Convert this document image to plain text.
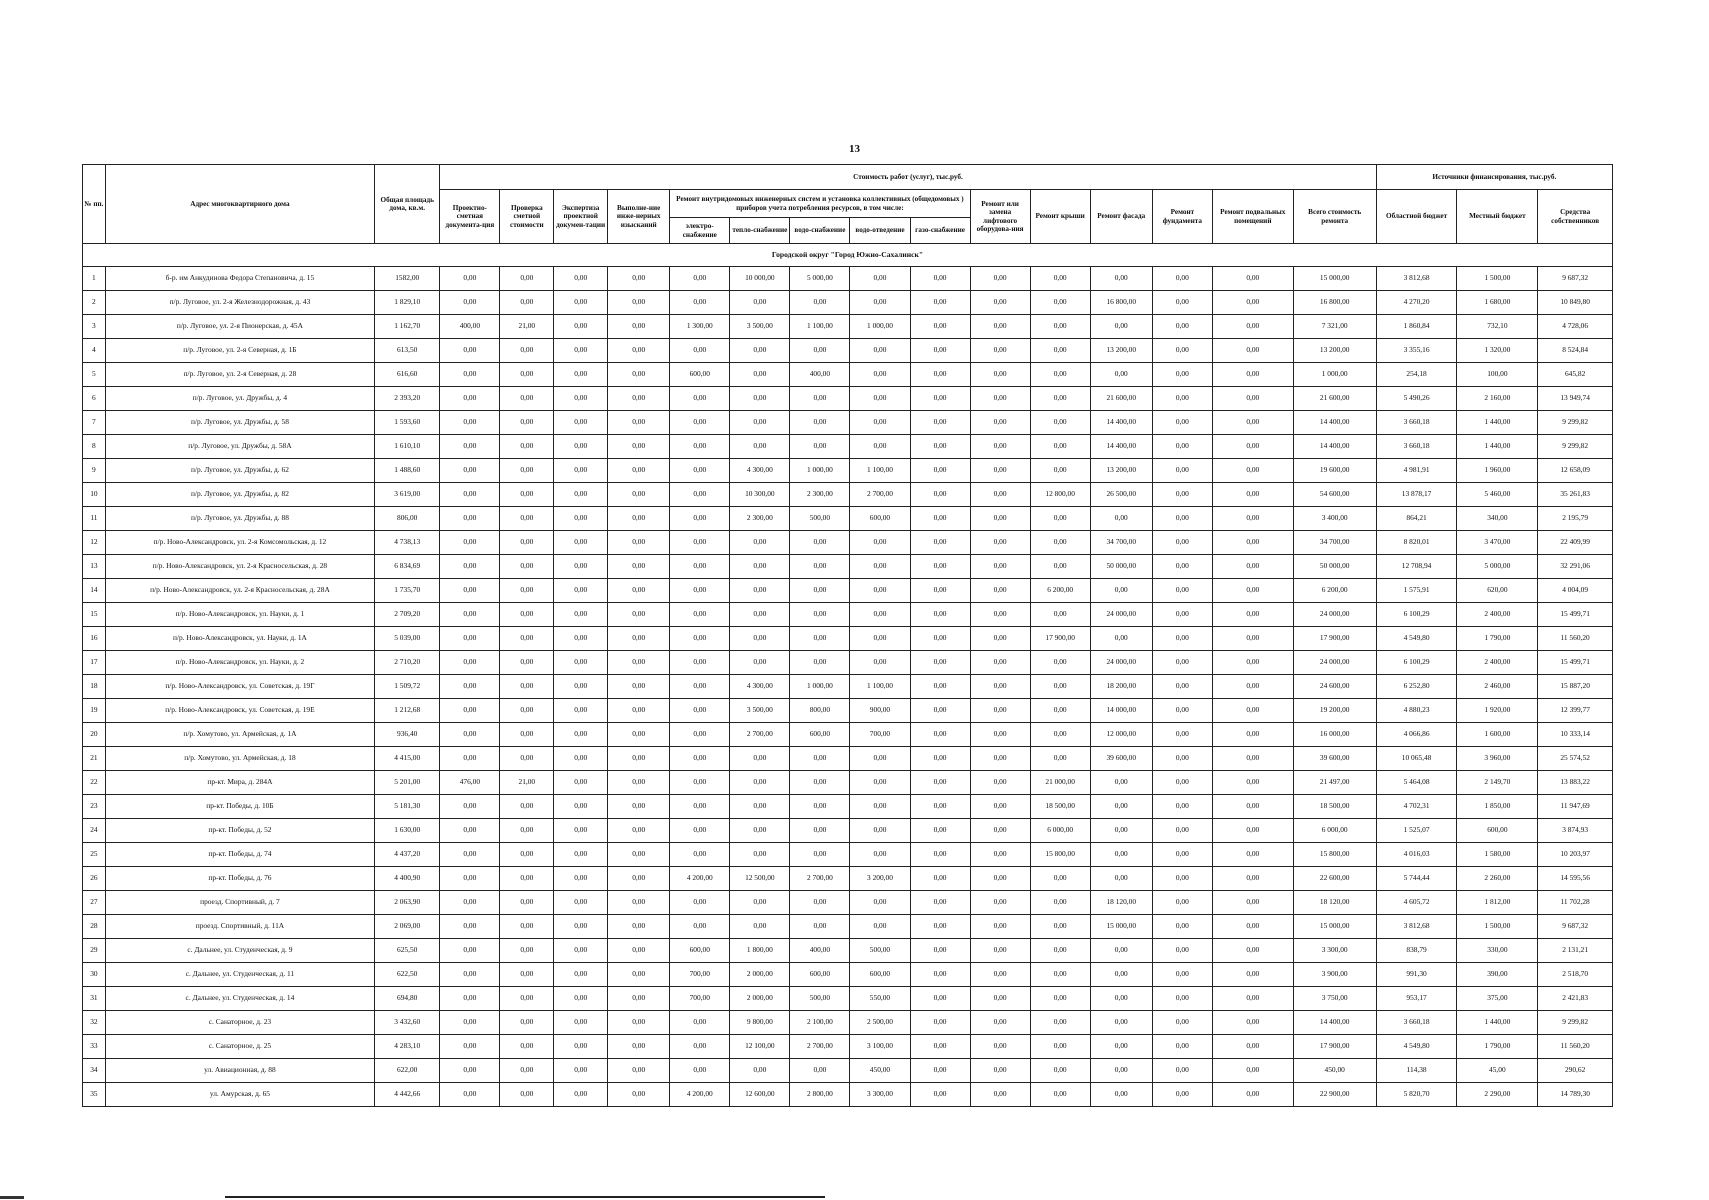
13
№ пп.	Адрес многоквартирного дома	Общая площадь дома, кв.м.	Стоимость работ (услуг), тыс.руб.															Источники финансирования, тыс.руб.		
			Проектно-сметная документа-ция	Проверка сметной стоимости	Экспертиза проектной докумен-тации	Выполне-ние инже-нерных изысканий	Ремонт внутридомовых инженерных систем и установка коллективных (общедомовых ) приборов учета потребления ресурсов, в том числе:					Ремонт или замена лифтового оборудова-ния	Ремонт крыши	Ремонт фасада	Ремонт фундамента	Ремонт подвальных помещений	Всего стоимость ремонта	Областной бюджет	Местный бюджет	Средства собственников
							электро-снабжение	тепло-снабжение	водо-снабжение	водо-отведение	газо-снабжение									
Городской округ "Город Южно-Сахалинск"																				
1	б-р. им Анкудинова Федора Степановича, д. 15	1582,00	0,00	0,00	0,00	0,00	0,00	10 000,00	5 000,00	0,00	0,00	0,00	0,00	0,00	0,00	0,00	15 000,00	3 812,68	1 500,00	9 687,32
2	п/р. Луговое, ул. 2-я Железнодорожная, д. 43	1 829,10	0,00	0,00	0,00	0,00	0,00	0,00	0,00	0,00	0,00	0,00	0,00	16 800,00	0,00	0,00	16 800,00	4 270,20	1 680,00	10 849,80
3	п/р. Луговое, ул. 2-я Пионерская, д. 45А	1 162,70	400,00	21,00	0,00	0,00	1 300,00	3 500,00	1 100,00	1 000,00	0,00	0,00	0,00	0,00	0,00	0,00	7 321,00	1 860,84	732,10	4 728,06
4	п/р. Луговое, ул. 2-я Северная, д. 1Б	613,50	0,00	0,00	0,00	0,00	0,00	0,00	0,00	0,00	0,00	0,00	0,00	13 200,00	0,00	0,00	13 200,00	3 355,16	1 320,00	8 524,84
5	п/р. Луговое, ул. 2-я Северная, д. 28	616,60	0,00	0,00	0,00	0,00	600,00	0,00	400,00	0,00	0,00	0,00	0,00	0,00	0,00	0,00	1 000,00	254,18	100,00	645,82
6	п/р. Луговое, ул. Дружбы, д. 4	2 393,20	0,00	0,00	0,00	0,00	0,00	0,00	0,00	0,00	0,00	0,00	0,00	21 600,00	0,00	0,00	21 600,00	5 490,26	2 160,00	13 949,74
7	п/р. Луговое, ул. Дружбы, д. 58	1 593,60	0,00	0,00	0,00	0,00	0,00	0,00	0,00	0,00	0,00	0,00	0,00	14 400,00	0,00	0,00	14 400,00	3 660,18	1 440,00	9 299,82
8	п/р. Луговое, ул. Дружбы, д. 58А	1 610,10	0,00	0,00	0,00	0,00	0,00	0,00	0,00	0,00	0,00	0,00	0,00	14 400,00	0,00	0,00	14 400,00	3 660,18	1 440,00	9 299,82
9	п/р. Луговое, ул. Дружбы, д. 62	1 488,60	0,00	0,00	0,00	0,00	0,00	4 300,00	1 000,00	1 100,00	0,00	0,00	0,00	13 200,00	0,00	0,00	19 600,00	4 981,91	1 960,00	12 658,09
10	п/р. Луговое, ул. Дружбы, д. 82	3 619,00	0,00	0,00	0,00	0,00	0,00	10 300,00	2 300,00	2 700,00	0,00	0,00	12 800,00	26 500,00	0,00	0,00	54 600,00	13 878,17	5 460,00	35 261,83
11	п/р. Луговое, ул. Дружбы, д. 88	806,00	0,00	0,00	0,00	0,00	0,00	2 300,00	500,00	600,00	0,00	0,00	0,00	0,00	0,00	0,00	3 400,00	864,21	340,00	2 195,79
12	п/р. Ново-Александровск, ул. 2-я Комсомольская, д. 12	4 738,13	0,00	0,00	0,00	0,00	0,00	0,00	0,00	0,00	0,00	0,00	0,00	34 700,00	0,00	0,00	34 700,00	8 820,01	3 470,00	22 409,99
13	п/р. Ново-Александровск, ул. 2-я Красносельская, д. 28	6 834,69	0,00	0,00	0,00	0,00	0,00	0,00	0,00	0,00	0,00	0,00	0,00	50 000,00	0,00	0,00	50 000,00	12 708,94	5 000,00	32 291,06
14	п/р. Ново-Александровск, ул. 2-я Красносельская, д. 28А	1 735,70	0,00	0,00	0,00	0,00	0,00	0,00	0,00	0,00	0,00	0,00	6 200,00	0,00	0,00	0,00	6 200,00	1 575,91	620,00	4 004,09
15	п/р. Ново-Александровск, ул. Науки, д. 1	2 709,20	0,00	0,00	0,00	0,00	0,00	0,00	0,00	0,00	0,00	0,00	0,00	24 000,00	0,00	0,00	24 000,00	6 100,29	2 400,00	15 499,71
16	п/р. Ново-Александровск, ул. Науки, д. 1А	5 039,00	0,00	0,00	0,00	0,00	0,00	0,00	0,00	0,00	0,00	0,00	17 900,00	0,00	0,00	0,00	17 900,00	4 549,80	1 790,00	11 560,20
17	п/р. Ново-Александровск, ул. Науки, д. 2	2 710,20	0,00	0,00	0,00	0,00	0,00	0,00	0,00	0,00	0,00	0,00	0,00	24 000,00	0,00	0,00	24 000,00	6 100,29	2 400,00	15 499,71
18	п/р. Ново-Александровск, ул. Советская, д. 19Г	1 509,72	0,00	0,00	0,00	0,00	0,00	4 300,00	1 000,00	1 100,00	0,00	0,00	0,00	18 200,00	0,00	0,00	24 600,00	6 252,80	2 460,00	15 887,20
19	п/р. Ново-Александровск, ул. Советская, д. 19Е	1 212,68	0,00	0,00	0,00	0,00	0,00	3 500,00	800,00	900,00	0,00	0,00	0,00	14 000,00	0,00	0,00	19 200,00	4 880,23	1 920,00	12 399,77
20	п/р. Хомутово, ул. Армейская, д. 1А	936,40	0,00	0,00	0,00	0,00	0,00	2 700,00	600,00	700,00	0,00	0,00	0,00	12 000,00	0,00	0,00	16 000,00	4 066,86	1 600,00	10 333,14
21	п/р. Хомутово, ул. Армейская, д. 18	4 415,00	0,00	0,00	0,00	0,00	0,00	0,00	0,00	0,00	0,00	0,00	0,00	39 600,00	0,00	0,00	39 600,00	10 065,48	3 960,00	25 574,52
22	пр-кт. Мира, д. 284А	5 201,00	476,00	21,00	0,00	0,00	0,00	0,00	0,00	0,00	0,00	0,00	21 000,00	0,00	0,00	0,00	21 497,00	5 464,08	2 149,70	13 883,22
23	пр-кт. Победы, д. 10Б	5 181,30	0,00	0,00	0,00	0,00	0,00	0,00	0,00	0,00	0,00	0,00	18 500,00	0,00	0,00	0,00	18 500,00	4 702,31	1 850,00	11 947,69
24	пр-кт. Победы, д. 52	1 630,00	0,00	0,00	0,00	0,00	0,00	0,00	0,00	0,00	0,00	0,00	6 000,00	0,00	0,00	0,00	6 000,00	1 525,07	600,00	3 874,93
25	пр-кт. Победы, д. 74	4 437,20	0,00	0,00	0,00	0,00	0,00	0,00	0,00	0,00	0,00	0,00	15 800,00	0,00	0,00	0,00	15 800,00	4 016,03	1 580,00	10 203,97
26	пр-кт. Победы, д. 76	4 400,90	0,00	0,00	0,00	0,00	4 200,00	12 500,00	2 700,00	3 200,00	0,00	0,00	0,00	0,00	0,00	0,00	22 600,00	5 744,44	2 260,00	14 595,56
27	проезд. Спортивный, д. 7	2 063,90	0,00	0,00	0,00	0,00	0,00	0,00	0,00	0,00	0,00	0,00	0,00	18 120,00	0,00	0,00	18 120,00	4 605,72	1 812,00	11 702,28
28	проезд. Спортивный, д. 11А	2 069,00	0,00	0,00	0,00	0,00	0,00	0,00	0,00	0,00	0,00	0,00	0,00	15 000,00	0,00	0,00	15 000,00	3 812,68	1 500,00	9 687,32
29	с. Дальнее, ул. Студенческая, д. 9	625,50	0,00	0,00	0,00	0,00	600,00	1 800,00	400,00	500,00	0,00	0,00	0,00	0,00	0,00	0,00	3 300,00	838,79	330,00	2 131,21
30	с. Дальнее, ул. Студенческая, д. 11	622,50	0,00	0,00	0,00	0,00	700,00	2 000,00	600,00	600,00	0,00	0,00	0,00	0,00	0,00	0,00	3 900,00	991,30	390,00	2 518,70
31	с. Дальнее, ул. Студенческая, д. 14	694,80	0,00	0,00	0,00	0,00	700,00	2 000,00	500,00	550,00	0,00	0,00	0,00	0,00	0,00	0,00	3 750,00	953,17	375,00	2 421,83
32	с. Санаторное, д. 23	3 432,60	0,00	0,00	0,00	0,00	0,00	9 800,00	2 100,00	2 500,00	0,00	0,00	0,00	0,00	0,00	0,00	14 400,00	3 660,18	1 440,00	9 299,82
33	с. Санаторное, д. 25	4 283,10	0,00	0,00	0,00	0,00	0,00	12 100,00	2 700,00	3 100,00	0,00	0,00	0,00	0,00	0,00	0,00	17 900,00	4 549,80	1 790,00	11 560,20
34	ул. Авиационная, д. 88	622,00	0,00	0,00	0,00	0,00	0,00	0,00	0,00	450,00	0,00	0,00	0,00	0,00	0,00	0,00	450,00	114,38	45,00	290,62
35	ул. Амурская, д. 65	4 442,66	0,00	0,00	0,00	0,00	4 200,00	12 600,00	2 800,00	3 300,00	0,00	0,00	0,00	0,00	0,00	0,00	22 900,00	5 820,70	2 290,00	14 789,30
